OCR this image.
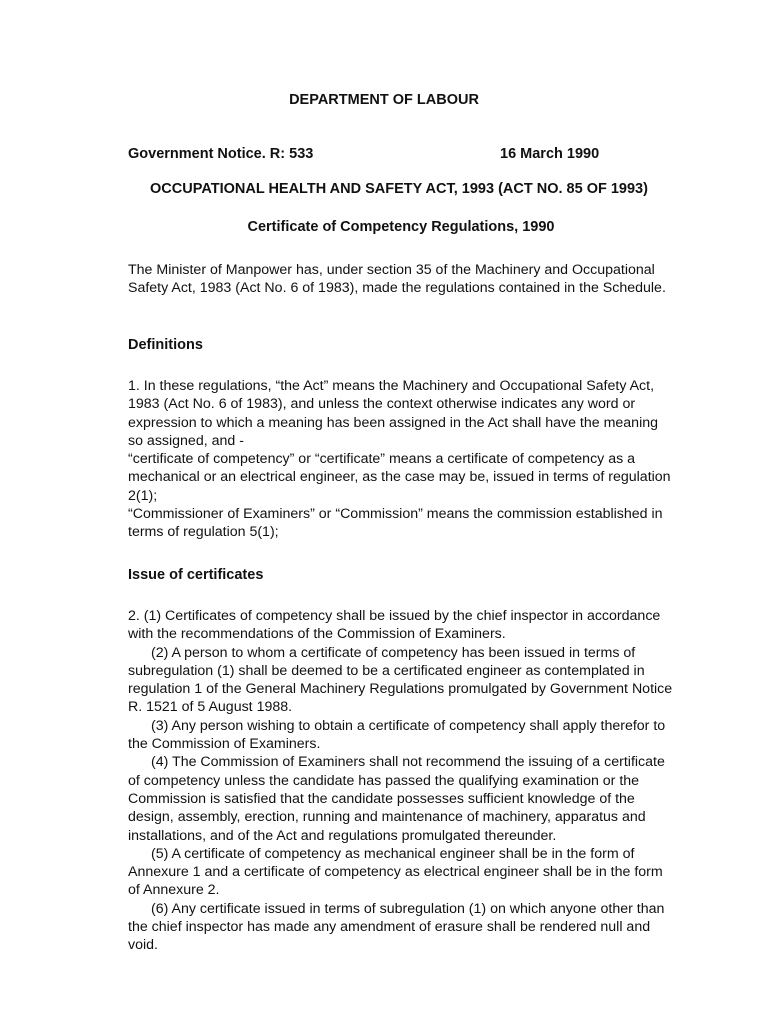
DEPARTMENT OF LABOUR
Government Notice. R: 533	16 March 1990
OCCUPATIONAL HEALTH AND SAFETY ACT, 1993 (ACT NO. 85 OF 1993)
Certificate of Competency Regulations, 1990

The Minister of Manpower has, under section 35 of the Machinery and Occupational Safety Act, 1983 (Act No. 6 of 1983), made the regulations contained in the Schedule.

Definitions

1. In these regulations, “the Act” means the Machinery and Occupational Safety Act, 1983 (Act No. 6 of 1983), and unless the context otherwise indicates any word or expression to which a meaning has been assigned in the Act shall have the meaning so assigned, and -

“certificate of competency” or “certificate” means a certificate of competency as a mechanical or an electrical engineer, as the case may be, issued in terms of regulation 2(1);

“Commissioner of Examiners” or “Commission” means the commission established in terms of regulation 5(1);

Issue of certificates

2. (1) Certificates of competency shall be issued by the chief inspector in accordance with the recommendations of the Commission of Examiners.

(2) A person to whom a certificate of competency has been issued in terms of subregulation (1) shall be deemed to be a certificated engineer as contemplated in regulation 1 of the General Machinery Regulations promulgated by Government Notice R. 1521 of 5 August 1988.

(3) Any person wishing to obtain a certificate of competency shall apply therefor to the Commission of Examiners.

(4) The Commission of Examiners shall not recommend the issuing of a certificate of competency unless the candidate has passed the qualifying examination or the Commission is satisfied that the candidate possesses sufficient knowledge of the design, assembly, erection, running and maintenance of machinery, apparatus and installations, and of the Act and regulations promulgated thereunder.

(5) A certificate of competency as mechanical engineer shall be in the form of Annexure 1 and a certificate of competency as electrical engineer shall be in the form of Annexure 2.

(6) Any certificate issued in terms of subregulation (1) on which anyone other than the chief inspector has made any amendment of erasure shall be rendered null and void.
